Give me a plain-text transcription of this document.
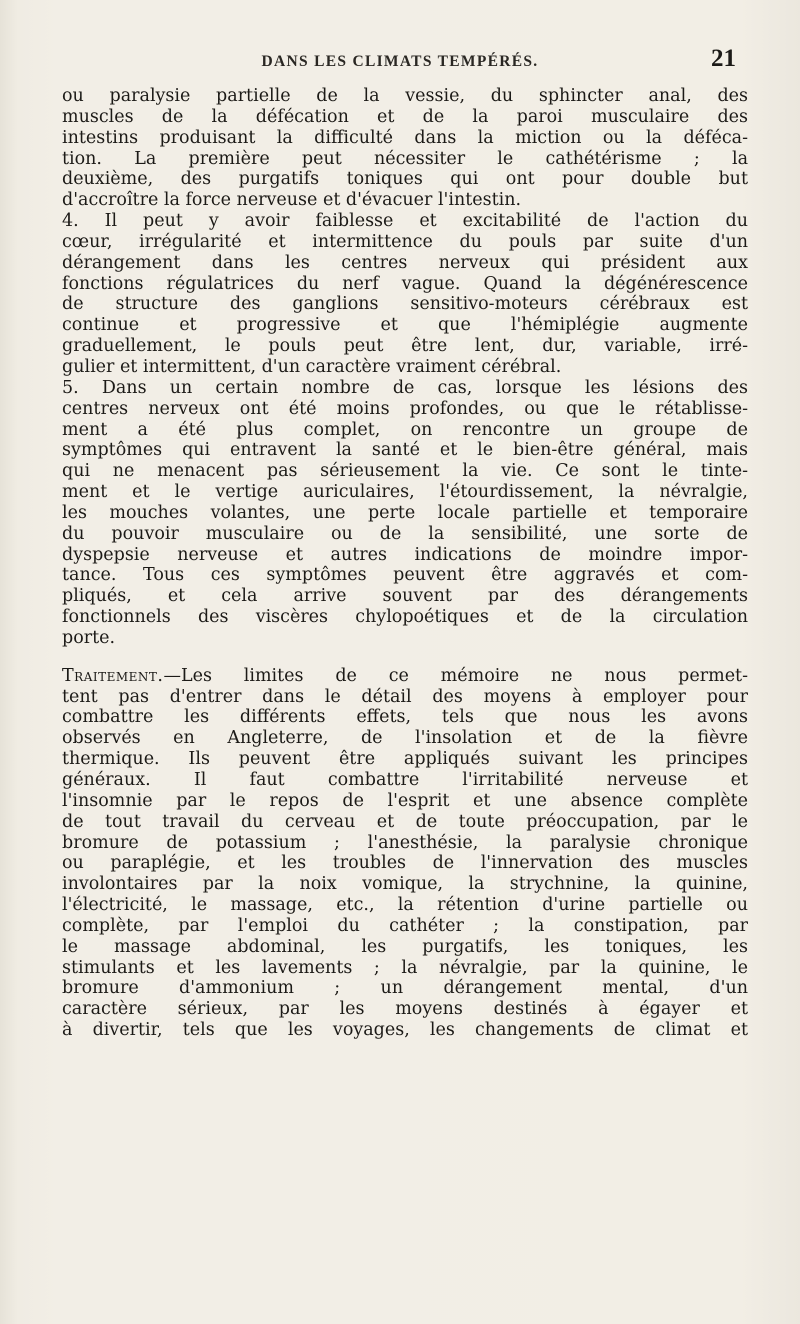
DANS LES CLIMATS TEMPÉRÉS.	21
ou paralysie partielle de la vessie, du sphincter anal, des
muscles de la défécation et de la paroi musculaire des
intestins produisant la difficulté dans la miction ou la déféca-
tion. La première peut nécessiter le cathétérisme ; la
deuxième, des purgatifs toniques qui ont pour double but
d'accroître la force nerveuse et d'évacuer l'intestin.
4. Il peut y avoir faiblesse et excitabilité de l'action du
cœur, irrégularité et intermittence du pouls par suite d'un
dérangement dans les centres nerveux qui président aux
fonctions régulatrices du nerf vague. Quand la dégénérescence
de structure des ganglions sensitivo-moteurs cérébraux est
continue et progressive et que l'hémiplégie augmente
graduellement, le pouls peut être lent, dur, variable, irré-
gulier et intermittent, d'un caractère vraiment cérébral.
5. Dans un certain nombre de cas, lorsque les lésions des
centres nerveux ont été moins profondes, ou que le rétablisse-
ment a été plus complet, on rencontre un groupe de
symptômes qui entravent la santé et le bien-être général, mais
qui ne menacent pas sérieusement la vie. Ce sont le tinte-
ment et le vertige auriculaires, l'étourdissement, la névralgie,
les mouches volantes, une perte locale partielle et temporaire
du pouvoir musculaire ou de la sensibilité, une sorte de
dyspepsie nerveuse et autres indications de moindre impor-
tance. Tous ces symptômes peuvent être aggravés et com-
pliqués, et cela arrive souvent par des dérangements
fonctionnels des viscères chylopoétiques et de la circulation
porte.
Traitement.—Les limites de ce mémoire ne nous permet-
tent pas d'entrer dans le détail des moyens à employer pour
combattre les différents effets, tels que nous les avons
observés en Angleterre, de l'insolation et de la fièvre
thermique. Ils peuvent être appliqués suivant les principes
généraux. Il faut combattre l'irritabilité nerveuse et
l'insomnie par le repos de l'esprit et une absence complète
de tout travail du cerveau et de toute préoccupation, par le
bromure de potassium ; l'anesthésie, la paralysie chronique
ou paraplégie, et les troubles de l'innervation des muscles
involontaires par la noix vomique, la strychnine, la quinine,
l'électricité, le massage, etc., la rétention d'urine partielle ou
complète, par l'emploi du cathéter ; la constipation, par
le massage abdominal, les purgatifs, les toniques, les
stimulants et les lavements ; la névralgie, par la quinine, le
bromure d'ammonium ; un dérangement mental, d'un
caractère sérieux, par les moyens destinés à égayer et
à divertir, tels que les voyages, les changements de climat et
